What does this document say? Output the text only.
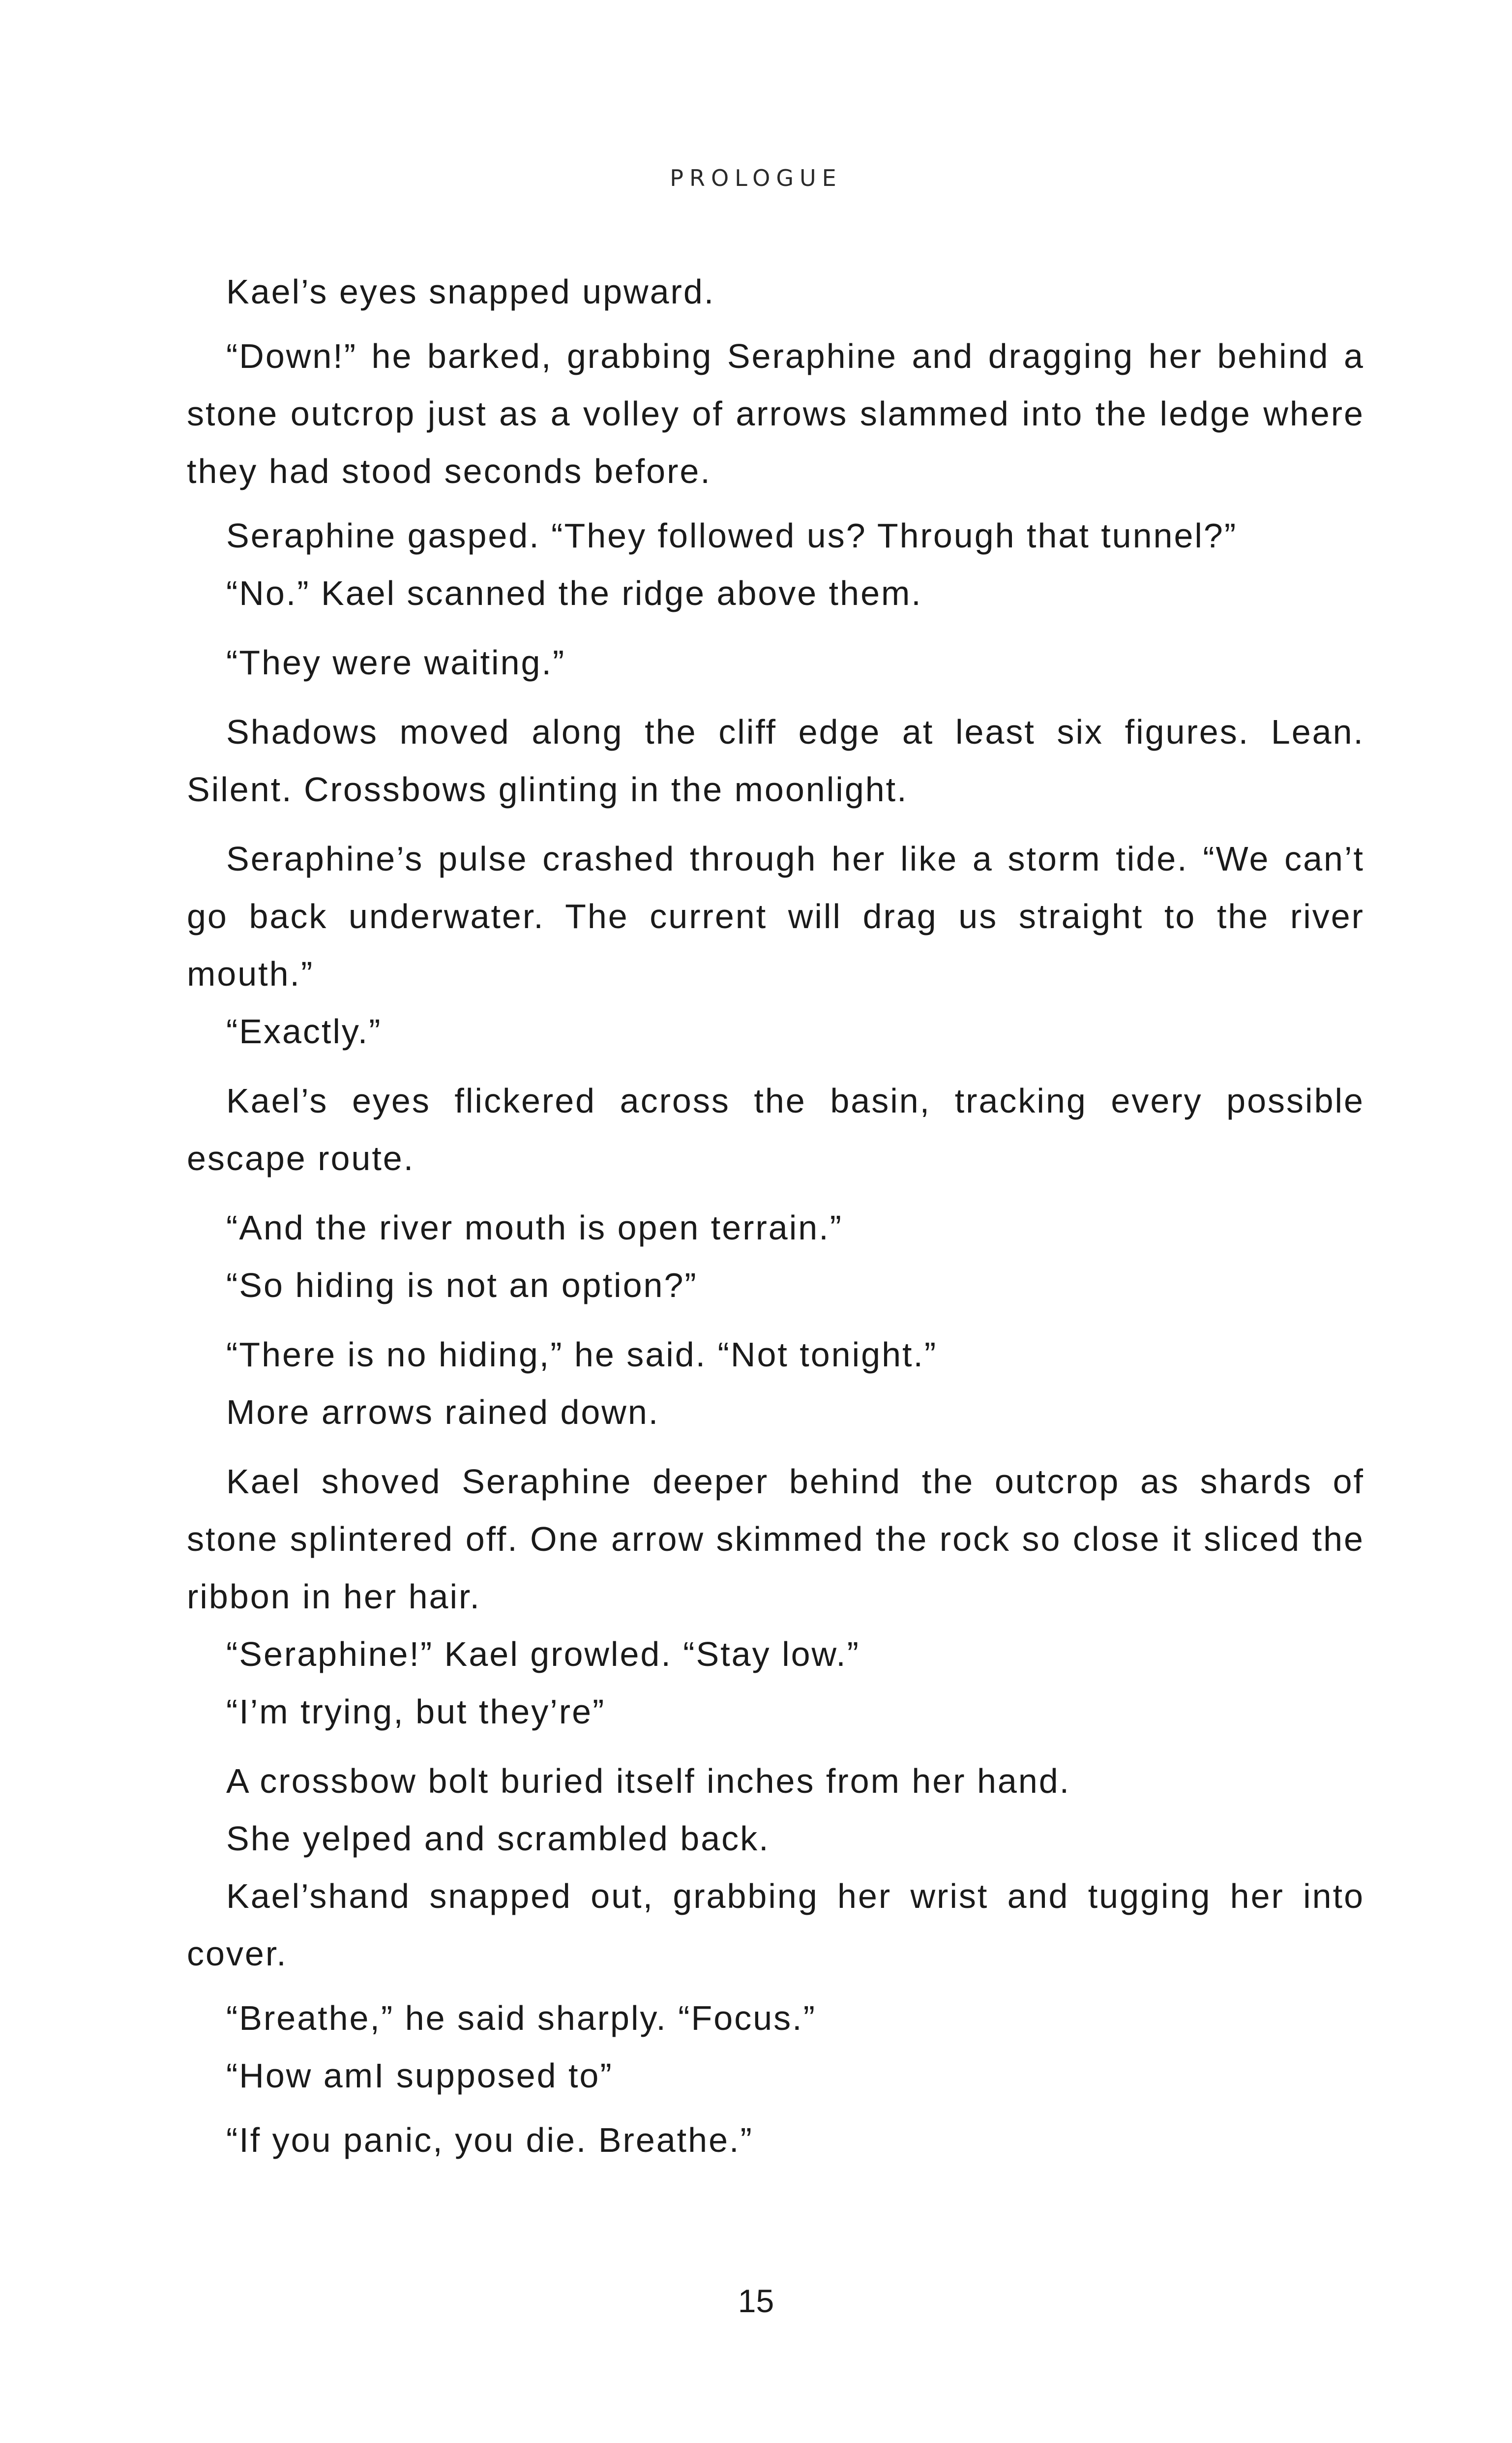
PROLOGUE

Kael’s eyes snapped upward.

“Down!” he barked, grabbing Seraphine and dragging her behind a stone outcrop just as a volley of arrows slammed into the ledge where they had stood seconds before.

Seraphine gasped. “They followed us? Through that tunnel?”

“No.” Kael scanned the ridge above them.

“They were waiting.”

Shadows moved along the cliff edge at least six figures. Lean. Silent. Crossbows glinting in the moonlight.

Seraphine’s pulse crashed through her like a storm tide. “We can’t go back underwater. The current will drag us straight to the river mouth.”

“Exactly.”

Kael’s eyes flickered across the basin, tracking every possible escape route.

“And the river mouth is open terrain.”

“So hiding is not an option?”

“There is no hiding,” he said. “Not tonight.”

More arrows rained down.

Kael shoved Seraphine deeper behind the outcrop as shards of stone splintered off. One arrow skimmed the rock so close it sliced the ribbon in her hair.

“Seraphine!” Kael growled. “Stay low.”

“I’m trying, but they’re”

A crossbow bolt buried itself inches from her hand.

She yelped and scrambled back.

Kael’shand snapped out, grabbing her wrist and tugging her into cover.

“Breathe,” he said sharply. “Focus.”

“How amI supposed to”

“If you panic, you die. Breathe.”

15
